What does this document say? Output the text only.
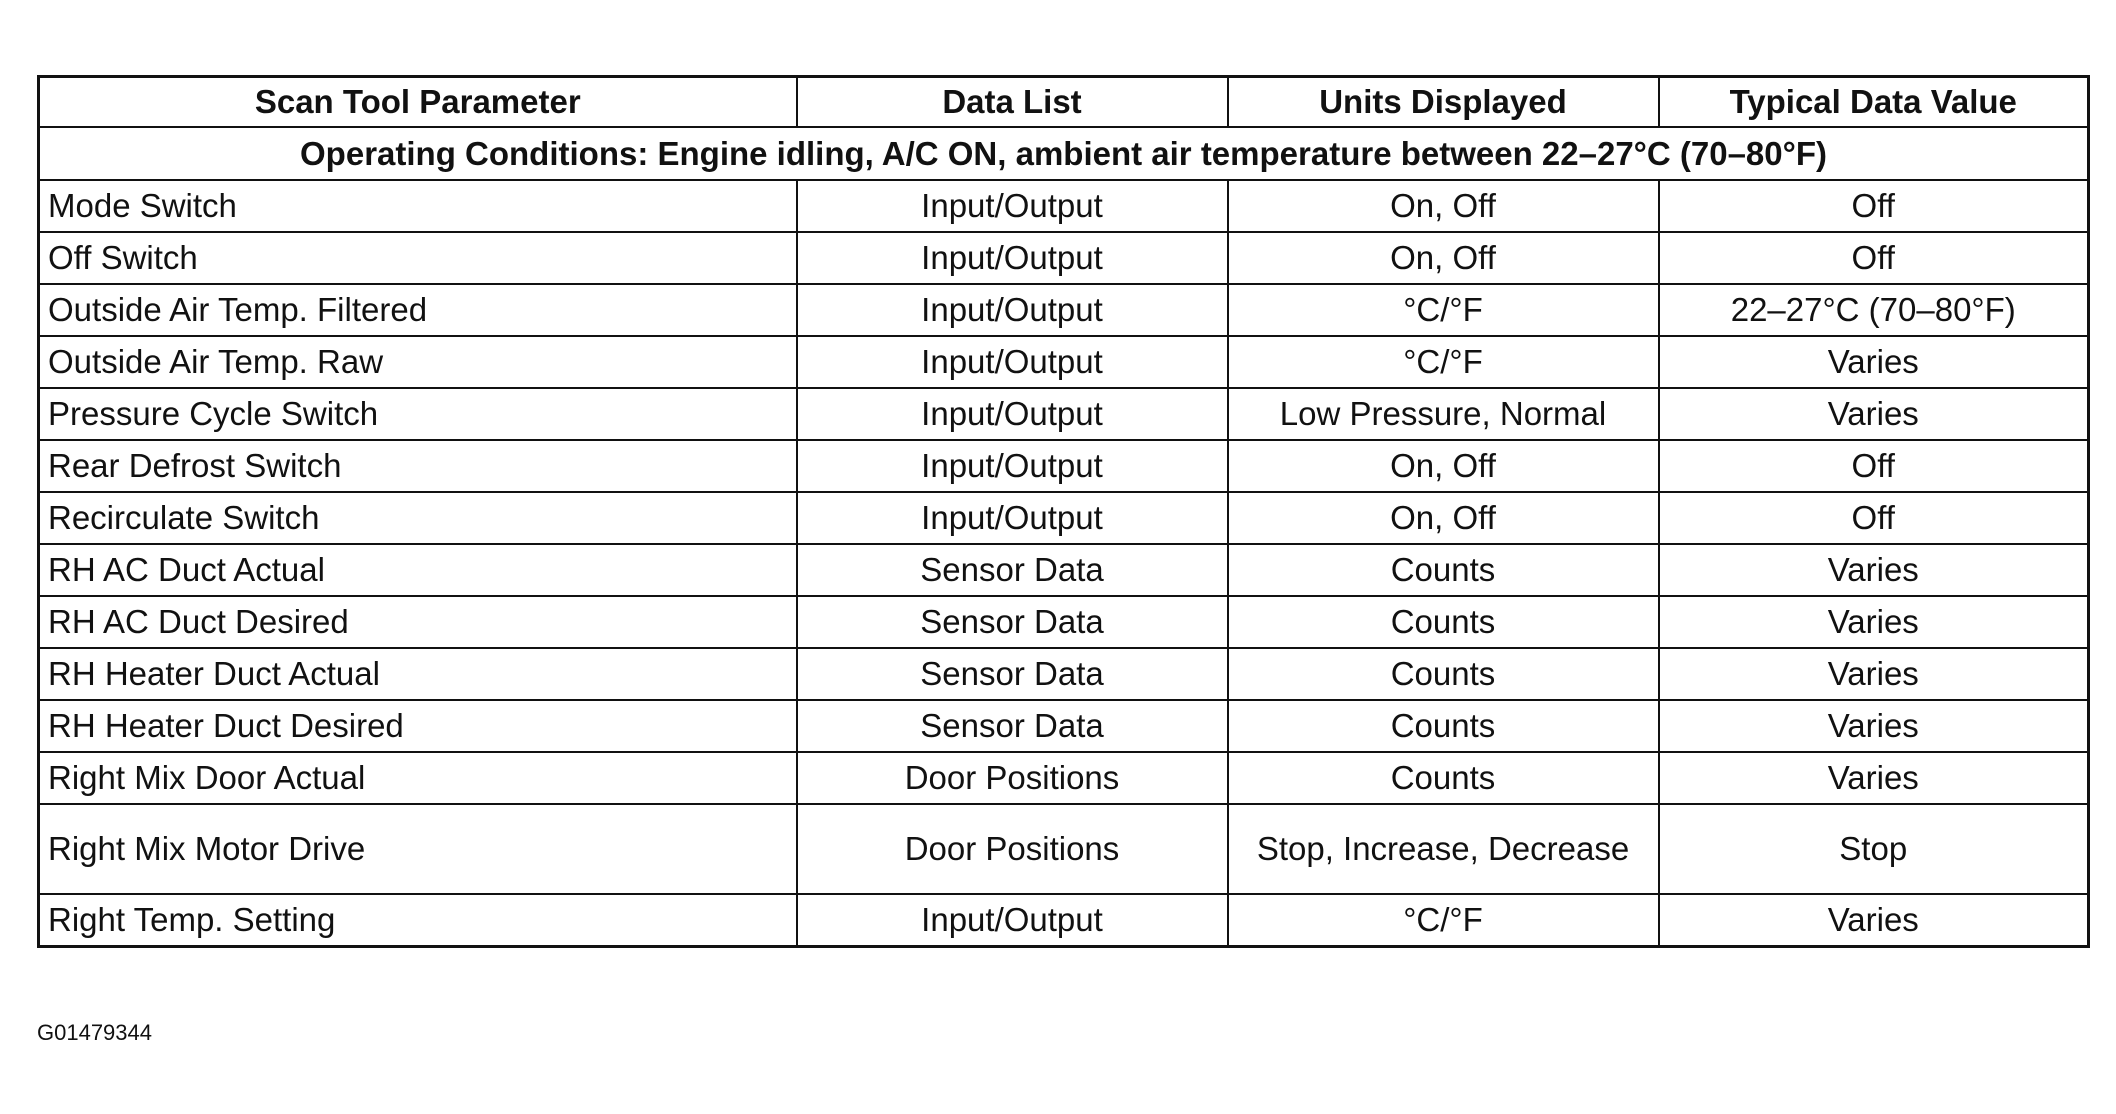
Scan Tool Parameter	Data List	Units Displayed	Typical Data Value
Operating Conditions: Engine idling, A/C ON, ambient air temperature between 22–27°C (70–80°F)			
Mode Switch	Input/Output	On, Off	Off
Off Switch	Input/Output	On, Off	Off
Outside Air Temp. Filtered	Input/Output	°C/°F	22–27°C (70–80°F)
Outside Air Temp. Raw	Input/Output	°C/°F	Varies
Pressure Cycle Switch	Input/Output	Low Pressure, Normal	Varies
Rear Defrost Switch	Input/Output	On, Off	Off
Recirculate Switch	Input/Output	On, Off	Off
RH AC Duct Actual	Sensor Data	Counts	Varies
RH AC Duct Desired	Sensor Data	Counts	Varies
RH Heater Duct Actual	Sensor Data	Counts	Varies
RH Heater Duct Desired	Sensor Data	Counts	Varies
Right Mix Door Actual	Door Positions	Counts	Varies
Right Mix Motor Drive	Door Positions	Stop, Increase, Decrease	Stop
Right Temp. Setting	Input/Output	°C/°F	Varies
G01479344
